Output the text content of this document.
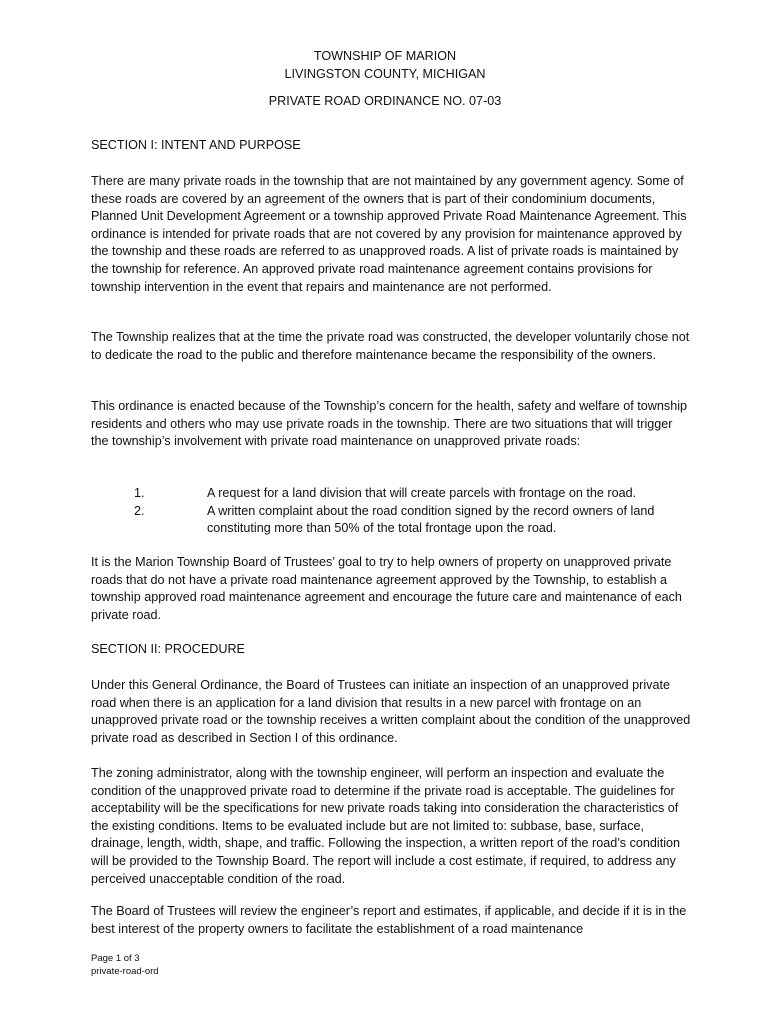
TOWNSHIP OF MARION
LIVINGSTON COUNTY, MICHIGAN
PRIVATE ROAD ORDINANCE NO. 07-03
SECTION I: INTENT AND PURPOSE
There are many private roads in the township that are not maintained by any government agency. Some of these roads are covered by an agreement of the owners that is part of their condominium documents, Planned Unit Development Agreement or a township approved Private Road Maintenance Agreement. This ordinance is intended for private roads that are not covered by any provision for maintenance approved by the township and these roads are referred to as unapproved roads. A list of private roads is maintained by the township for reference. An approved private road maintenance agreement contains provisions for township intervention in the event that repairs and maintenance are not performed.
The Township realizes that at the time the private road was constructed, the developer voluntarily chose not to dedicate the road to the public and therefore maintenance became the responsibility of the owners.
This ordinance is enacted because of the Township’s concern for the health, safety and welfare of township residents and others who may use private roads in the township. There are two situations that will trigger the township’s involvement with private road maintenance on unapproved private roads:
1.	A request for a land division that will create parcels with frontage on the road.
2.	A written complaint about the road condition signed by the record owners of land constituting more than 50% of the total frontage upon the road.
It is the Marion Township Board of Trustees’ goal to try to help owners of property on unapproved private roads that do not have a private road maintenance agreement approved by the Township, to establish a township approved road maintenance agreement and encourage the future care and maintenance of each private road.
SECTION II: PROCEDURE
Under this General Ordinance, the Board of Trustees can initiate an inspection of an unapproved private road when there is an application for a land division that results in a new parcel with frontage on an unapproved private road or the township receives a written complaint about the condition of the unapproved private road as described in Section I of this ordinance.
The zoning administrator, along with the township engineer, will perform an inspection and evaluate the condition of the unapproved private road to determine if the private road is acceptable. The guidelines for acceptability will be the specifications for new private roads taking into consideration the characteristics of the existing conditions. Items to be evaluated include but are not limited to: subbase, base, surface, drainage, length, width, shape, and traffic. Following the inspection, a written report of the road’s condition will be provided to the Township Board. The report will include a cost estimate, if required, to address any perceived unacceptable condition of the road.
The Board of Trustees will review the engineer’s report and estimates, if applicable, and decide if it is in the best interest of the property owners to facilitate the establishment of a road maintenance
Page 1 of 3
private-road-ord
